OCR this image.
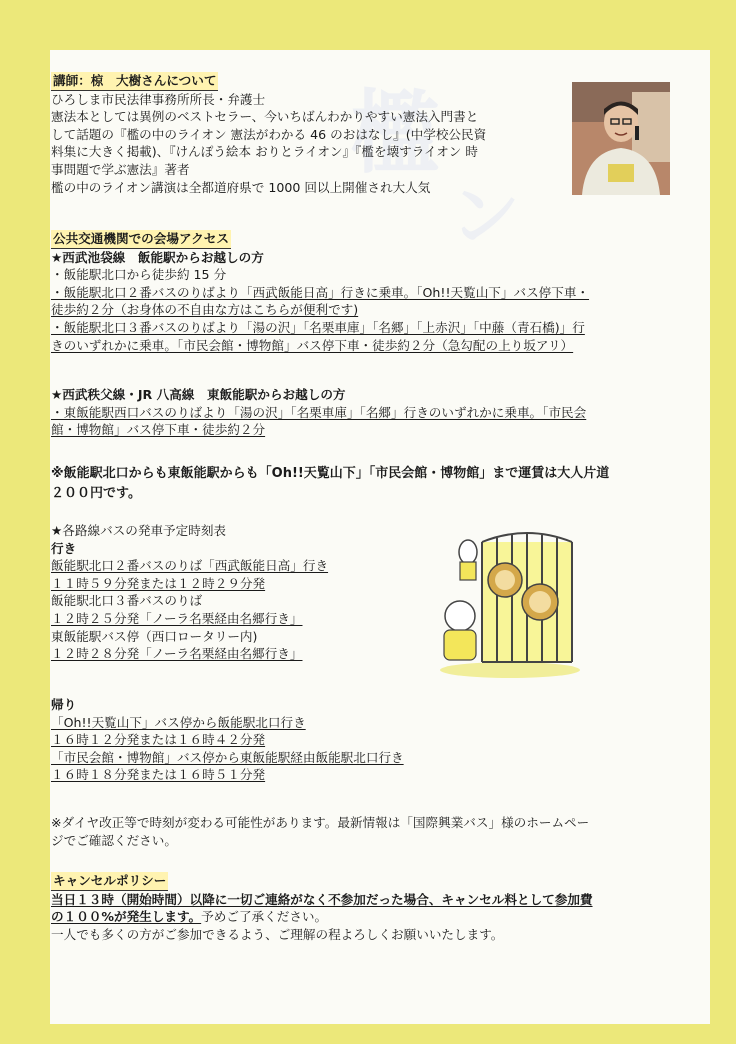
檻
ン
講師：椋　大樹さんについて
ひろしま市民法律事務所所長・弁護士
憲法本としては異例のベストセラー、今いちばんわかりやすい憲法入門書と
して話題の『檻の中のライオン 憲法がわかる 46 のおはなし』(中学校公民資
料集に大きく掲載)、『けんぽう絵本 おりとライオン』『檻を壊すライオン 時
事問題で学ぶ憲法』著者
檻の中のライオン講演は全都道府県で 1000 回以上開催され大人気
公共交通機関での会場アクセス
★西武池袋線　飯能駅からお越しの方
・飯能駅北口から徒歩約 15 分
・飯能駅北口２番バスのりばより「西武飯能日高」行きに乗車。「Oh!!天覧山下」バス停下車・
徒歩約２分（お身体の不自由な方はこちらが便利です)
・飯能駅北口３番バスのりばより「湯の沢」「名栗車庫」「名郷」「上赤沢」「中藤（青石橋)」行
きのいずれかに乗車。「市民会館・博物館」バス停下車・徒歩約２分（急勾配の上り坂アリ）
★西武秩父線・JR 八高線　東飯能駅からお越しの方
・東飯能駅西口バスのりばより「湯の沢」「名栗車庫」「名郷」行きのいずれかに乗車。「市民会
館・博物館」バス停下車・徒歩約２分
※飯能駅北口からも東飯能駅からも「Oh!!天覧山下」「市民会館・博物館」まで運賃は大人片道
２００円です。
★各路線バスの発車予定時刻表
行き
飯能駅北口２番バスのりば「西武飯能日高」行き
１１時５９分発または１２時２９分発
飯能駅北口３番バスのりば
１２時２５分発「ノーラ名栗経由名郷行き」
東飯能駅バス停（西口ロータリー内)
１２時２８分発「ノーラ名栗経由名郷行き」
帰り
「Oh!!天覧山下」バス停から飯能駅北口行き
１６時１２分発または１６時４２分発
「市民会館・博物館」バス停から東飯能駅経由飯能駅北口行き
１６時１８分発または１６時５１分発
※ダイヤ改正等で時刻が変わる可能性があります。最新情報は「国際興業バス」様のホームペー
ジでご確認ください。
キャンセルポリシー
当日１３時（開始時間）以降に一切ご連絡がなく不参加だった場合、キャンセル料として参加費
の１００%が発生します。予めご了承ください。
一人でも多くの方がご参加できるよう、ご理解の程よろしくお願いいたします。
